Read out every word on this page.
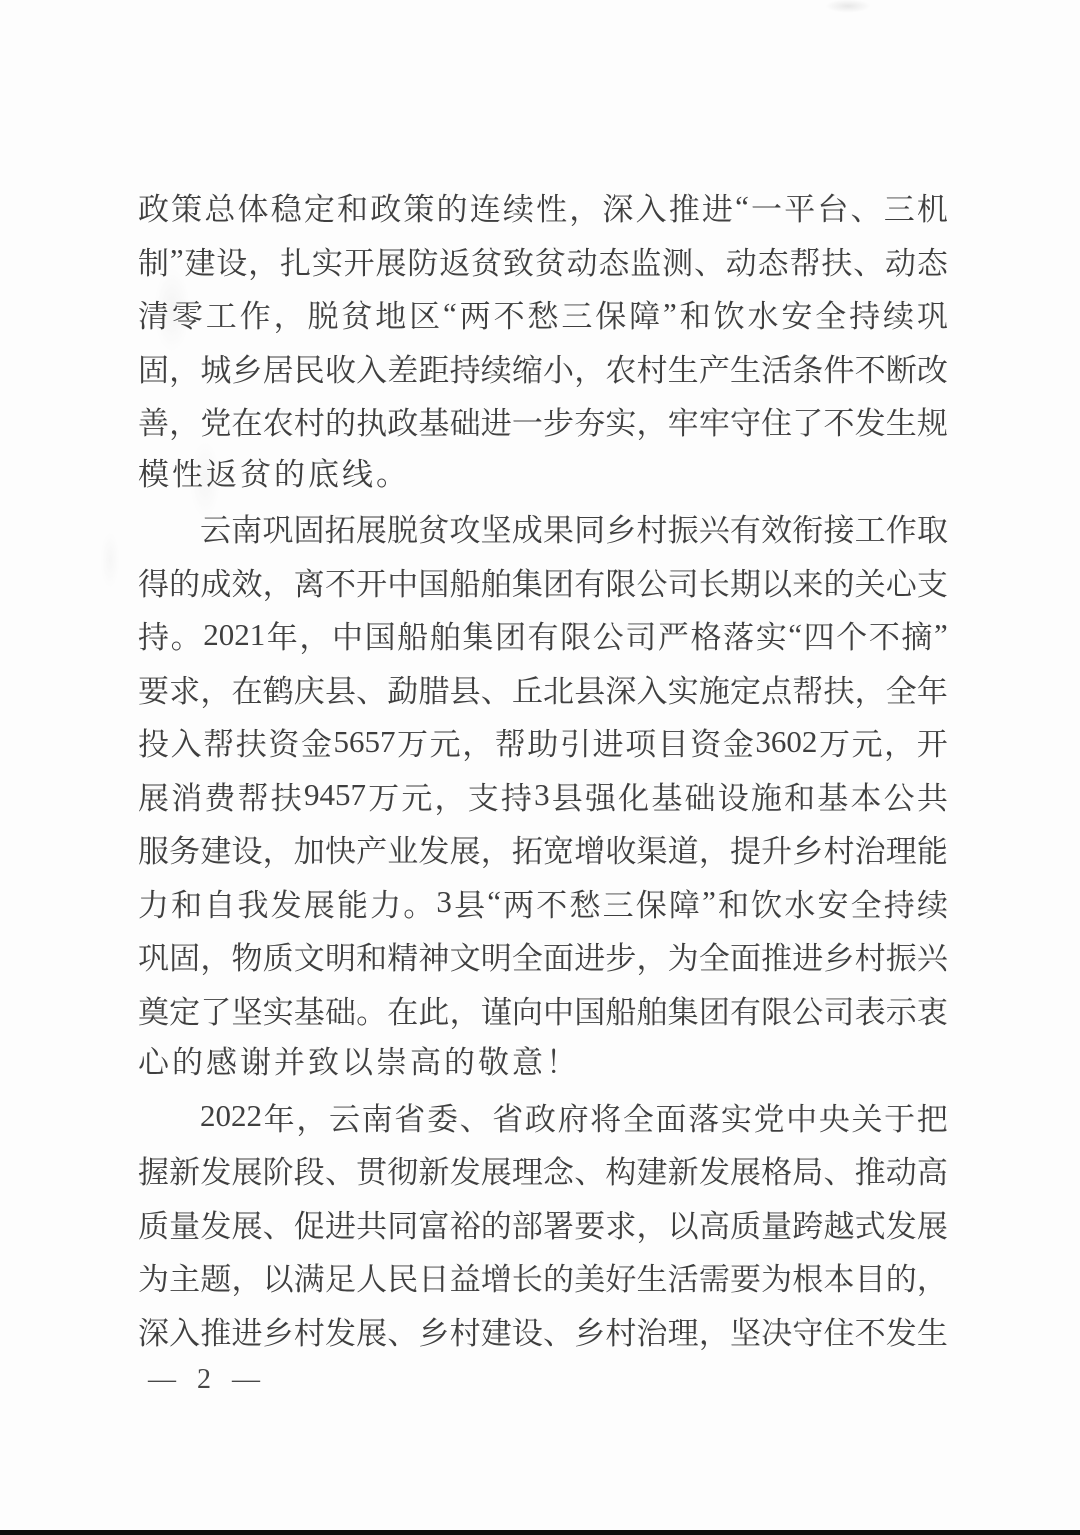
政 策 总 体 稳 定 和 政 策 的 连 续 性 ， 深 入 推 进 “ 一 平 台 、 三 机
制 ” 建 设 ， 扎 实 开 展 防 返 贫 致 贫 动 态 监 测 、 动 态 帮 扶 、 动 态
清 零 工 作 ， 脱 贫 地 区 “ 两 不 愁 三 保 障 ” 和 饮 水 安 全 持 续 巩
固 ， 城 乡 居 民 收 入 差 距 持 续 缩 小 ， 农 村 生 产 生 活 条 件 不 断 改
善 ， 党 在 农 村 的 执 政 基 础 进 一 步 夯 实 ， 牢 牢 守 住 了 不 发 生 规
模性返贫的底线。
云 南 巩 固 拓 展 脱 贫 攻 坚 成 果 同 乡 村 振 兴 有 效 衔 接 工 作 取
得 的 成 效 ， 离 不 开 中 国 船 舶 集 团 有 限 公 司 长 期 以 来 的 关 心 支
持 。 2021 年 ， 中 国 船 舶 集 团 有 限 公 司 严 格 落 实 “ 四 个 不 摘 ”
要 求 ， 在 鹤 庆 县 、 勐 腊 县 、 丘 北 县 深 入 实 施 定 点 帮 扶 ， 全 年
投 入 帮 扶 资 金 5657 万 元 ， 帮 助 引 进 项 目 资 金 3602 万 元 ， 开
展 消 费 帮 扶 9457 万 元 ， 支 持 3 县 强 化 基 础 设 施 和 基 本 公 共
服 务 建 设 ， 加 快 产 业 发 展 ， 拓 宽 增 收 渠 道 ， 提 升 乡 村 治 理 能
力 和 自 我 发 展 能 力 。 3 县 “ 两 不 愁 三 保 障 ” 和 饮 水 安 全 持 续
巩 固 ， 物 质 文 明 和 精 神 文 明 全 面 进 步 ， 为 全 面 推 进 乡 村 振 兴
奠 定 了 坚 实 基 础 。 在 此 ， 谨 向 中 国 船 舶 集 团 有 限 公 司 表 示 衷
心的感谢并致以崇高的敬意！
2022 年 ， 云 南 省 委 、 省 政 府 将 全 面 落 实 党 中 央 关 于 把
握 新 发 展 阶 段 、 贯 彻 新 发 展 理 念 、 构 建 新 发 展 格 局 、 推 动 高
质 量 发 展 、 促 进 共 同 富 裕 的 部 署 要 求 ， 以 高 质 量 跨 越 式 发 展
为 主 题 ， 以 满 足 人 民 日 益 增 长 的 美 好 生 活 需 要 为 根 本 目 的 ，
深 入 推 进 乡 村 发 展 、 乡 村 建 设 、 乡 村 治 理 ， 坚 决 守 住 不 发 生
— 2 —
